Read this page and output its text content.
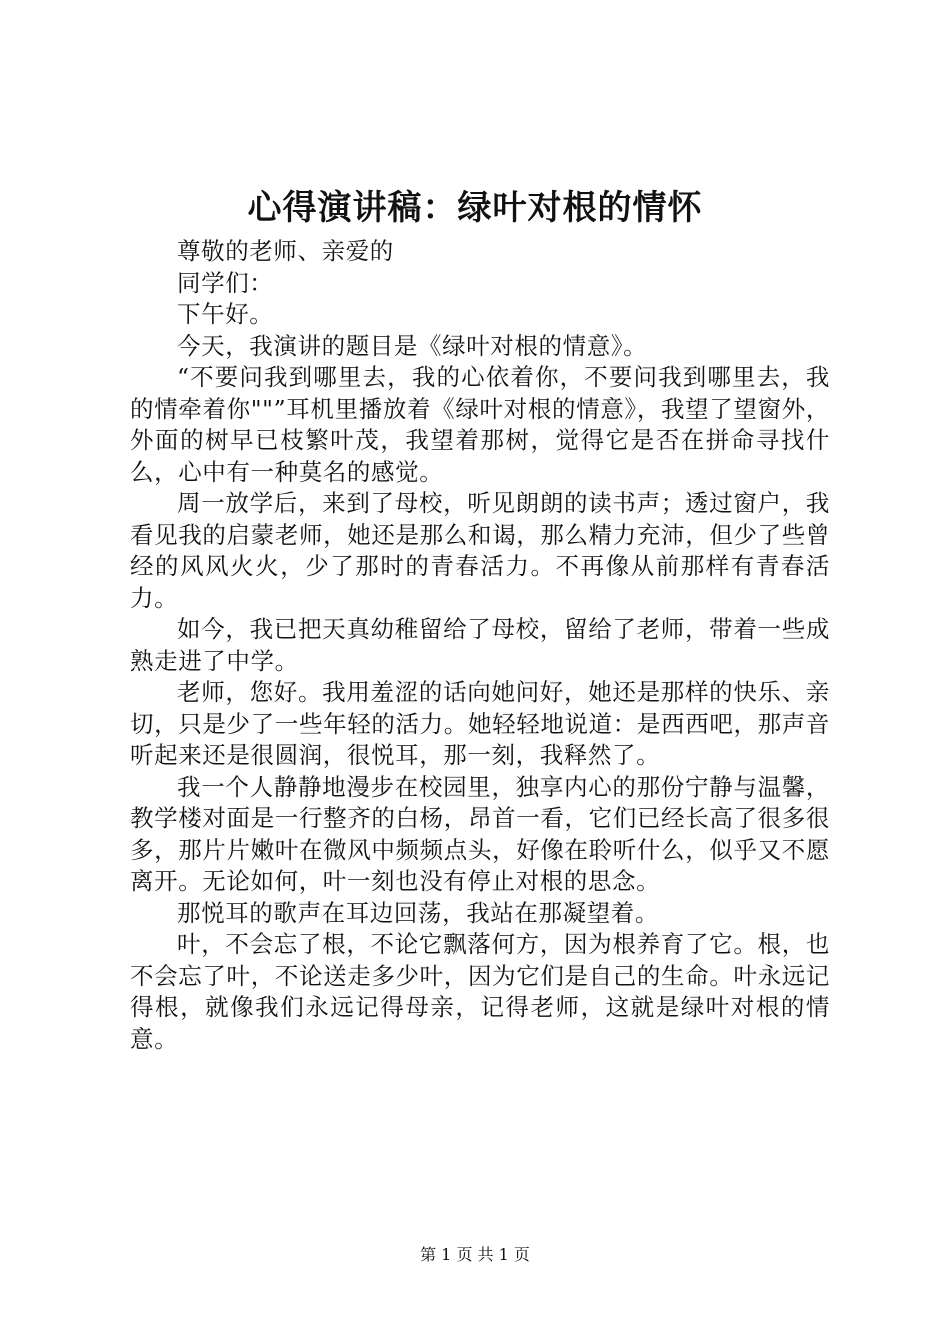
心得演讲稿：绿叶对根的情怀

尊敬的老师、亲爱的

同学们：

下午好。

今天，我演讲的题目是《绿叶对根的情意》。

“不要问我到哪里去，我的心依着你，不要问我到哪里去，我的情牵着你""”耳机里播放着《绿叶对根的情意》，我望了望窗外，外面的树早已枝繁叶茂，我望着那树，觉得它是否在拼命寻找什么，心中有一种莫名的感觉。

周一放学后，来到了母校，听见朗朗的读书声；透过窗户，我看见我的启蒙老师，她还是那么和谒，那么精力充沛，但少了些曾经的风风火火，少了那时的青春活力。不再像从前那样有青春活力。

如今，我已把天真幼稚留给了母校，留给了老师，带着一些成熟走进了中学。

老师，您好。我用羞涩的话向她问好，她还是那样的快乐、亲切，只是少了一些年轻的活力。她轻轻地说道：是西西吧，那声音听起来还是很圆润，很悦耳，那一刻，我释然了。

我一个人静静地漫步在校园里，独享内心的那份宁静与温馨，教学楼对面是一行整齐的白杨，昂首一看，它们已经长高了很多很多，那片片嫩叶在微风中频频点头，好像在聆听什么，似乎又不愿离开。无论如何，叶一刻也没有停止对根的思念。

那悦耳的歌声在耳边回荡，我站在那凝望着。

叶，不会忘了根，不论它飘落何方，因为根养育了它。根，也不会忘了叶，不论送走多少叶，因为它们是自己的生命。叶永远记得根，就像我们永远记得母亲，记得老师，这就是绿叶对根的情意。

第 1 页 共 1 页
